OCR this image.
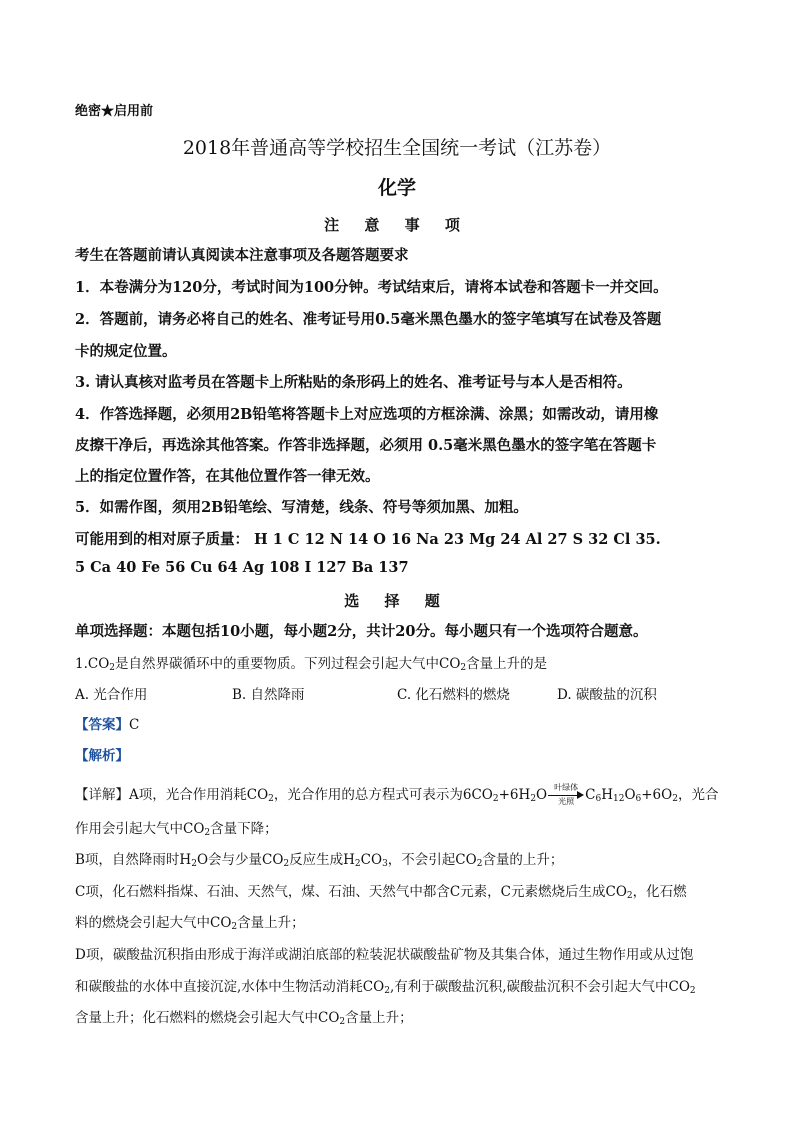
绝密★启用前
2018年普通高等学校招生全国统一考试（江苏卷）
化学
注 意 事 项
考生在答题前请认真阅读本注意事项及各题答题要求
1．本卷满分为120分，考试时间为100分钟。考试结束后，请将本试卷和答题卡一并交回。
2．答题前，请务必将自己的姓名、准考证号用0.5毫米黑色墨水的签字笔填写在试卷及答题
卡的规定位置。
3. 请认真核对监考员在答题卡上所粘贴的条形码上的姓名、准考证号与本人是否相符。
4．作答选择题，必须用2B铅笔将答题卡上对应选项的方框涂满、涂黑；如需改动，请用橡
皮擦干净后，再选涂其他答案。作答非选择题，必须用 0.5毫米黑色墨水的签字笔在答题卡
上的指定位置作答，在其他位置作答一律无效。
5．如需作图，须用2B铅笔绘、写清楚，线条、符号等须加黑、加粗。
可能用到的相对原子质量： H 1 C 12 N 14 O 16 Na 23 Mg 24 Al 27 S 32 Cl 35.
5 Ca 40 Fe 56 Cu 64 Ag 108 I 127 Ba 137
选 择 题
单项选择题：本题包括10小题，每小题2分，共计20分。每小题只有一个选项符合题意。
$1.CO_2$是自然界碳循环中的重要物质。下列过程会引起大气中$CO_2$含量上升的是
A. 光合作用	B. 自然降雨	C. 化石燃料的燃烧	D. 碳酸盐的沉积
【答案】C
【解析】
【详解】A项，光合作用消耗$CO_2$，光合作用的总方程式可表示为$6CO_2+6H_2O$ 叶绿体
光照 $C_6H_{12}O_6+6O_2$，光合
作用会引起大气中$CO_2$含量下降；
B项，自然降雨时$H_2O$会与少量$CO_2$反应生成$H_2CO_3$，不会引起$CO_2$含量的上升；
C项，化石燃料指煤、石油、天然气，煤、石油、天然气中都含C元素，C元素燃烧后生成$CO_2$，化石燃
料的燃烧会引起大气中$CO_2$含量上升；
D项，碳酸盐沉积指由形成于海洋或湖泊底部的粒装泥状碳酸盐矿物及其集合体，通过生物作用或从过饱
和碳酸盐的水体中直接沉淀,水体中生物活动消耗$CO_2$,有利于碳酸盐沉积,碳酸盐沉积不会引起大气中$CO_2$
含量上升；化石燃料的燃烧会引起大气中$CO_2$含量上升；
